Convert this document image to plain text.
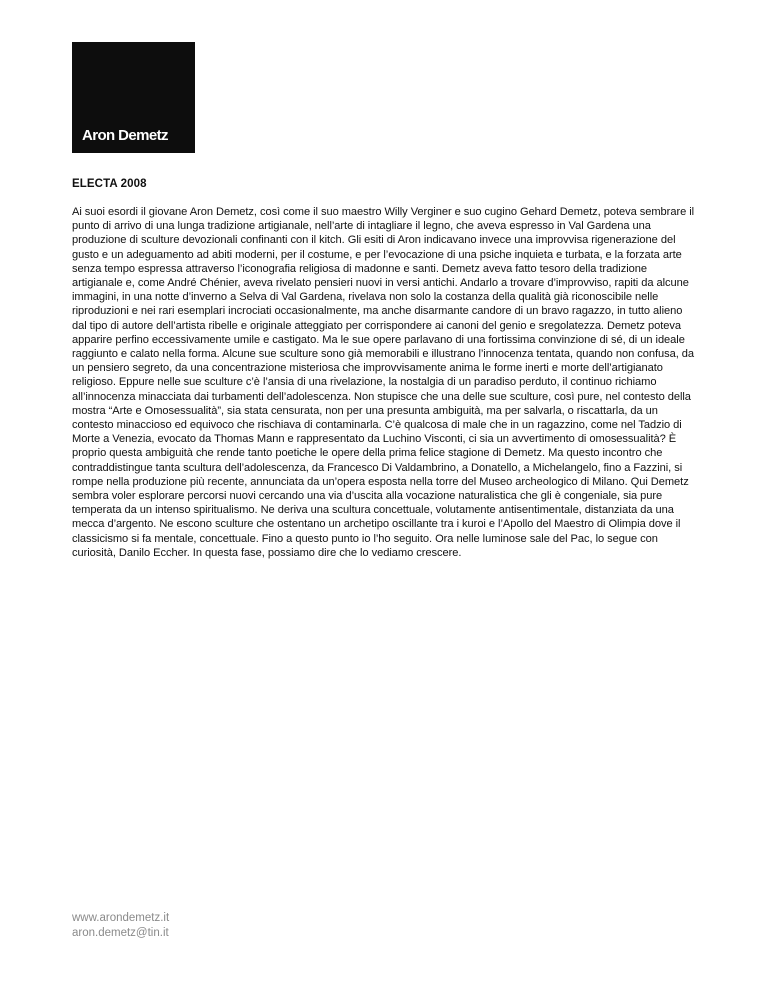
Aron Demetz
ELECTA 2008

Ai suoi esordi il giovane Aron Demetz, così come il suo maestro Willy Verginer e suo cugino Gehard Demetz, poteva sembrare il punto di arrivo di una lunga tradizione artigianale, nell’arte di intagliare il legno, che aveva espresso in Val Gardena una produzione di sculture devozionali confinanti con il kitch. Gli esiti di Aron indicavano invece una improvvisa rigenerazione del gusto e un adeguamento ad abiti moderni, per il costume, e per l’evocazione di una psiche inquieta e turbata, e la forzata arte senza tempo espressa attraverso l’iconografia religiosa di madonne e santi. Demetz aveva fatto tesoro della tradizione artigianale e, come André Chénier, aveva rivelato pensieri nuovi in versi antichi. Andarlo a trovare d’improvviso, rapiti da alcune immagini, in una notte d’inverno a Selva di Val Gardena, rivelava non solo la costanza della qualità già riconoscibile nelle riproduzioni e nei rari esemplari incrociati occasionalmente, ma anche disarmante candore di un bravo ragazzo, in tutto alieno dal tipo di autore dell’artista ribelle e originale atteggiato per corrispondere ai canoni del genio e sregolatezza. Demetz poteva apparire perfino eccessivamente umile e castigato. Ma le sue opere parlavano di una fortissima convinzione di sé, di un ideale raggiunto e calato nella forma. Alcune sue sculture sono già memorabili e illustrano l’innocenza tentata, quando non confusa, da un pensiero segreto, da una concentrazione misteriosa che improvvisamente anima le forme inerti e morte dell’artigianato religioso. Eppure nelle sue sculture c’è l’ansia di una rivelazione, la nostalgia di un paradiso perduto, il continuo richiamo all’innocenza minacciata dai turbamenti dell’adolescenza. Non stupisce che una delle sue sculture, così pure, nel contesto della mostra “Arte e Omosessualità”, sia stata censurata, non per una presunta ambiguità, ma per salvarla, o riscattarla, da un contesto minaccioso ed equivoco che rischiava di contaminarla. C’è qualcosa di male che in un ragazzino, come nel Tadzio di Morte a Venezia, evocato da Thomas Mann e rappresentato da Luchino Visconti, ci sia un avvertimento di omosessualità? È proprio questa ambiguità che rende tanto poetiche le opere della prima felice stagione di Demetz. Ma questo incontro che contraddistingue tanta scultura dell’adolescenza, da Francesco Di Valdambrino, a Donatello, a Michelangelo, fino a Fazzini, si rompe nella produzione più recente, annunciata da un’opera esposta nella torre del Museo archeologico di Milano. Qui Demetz sembra voler esplorare percorsi nuovi cercando una via d’uscita alla vocazione naturalistica che gli è congeniale, sia pure temperata da un intenso spiritualismo. Ne deriva una scultura concettuale, volutamente antisentimentale, distanziata da una mecca d’argento. Ne escono sculture che ostentano un archetipo oscillante tra i kuroi e l’Apollo del Maestro di Olimpia dove il classicismo si fa mentale, concettuale. Fino a questo punto io l’ho seguito. Ora nelle luminose sale del Pac, lo segue con curiosità, Danilo Eccher. In questa fase, possiamo dire che lo vediamo crescere.

www.arondemetz.it
aron.demetz@tin.it
